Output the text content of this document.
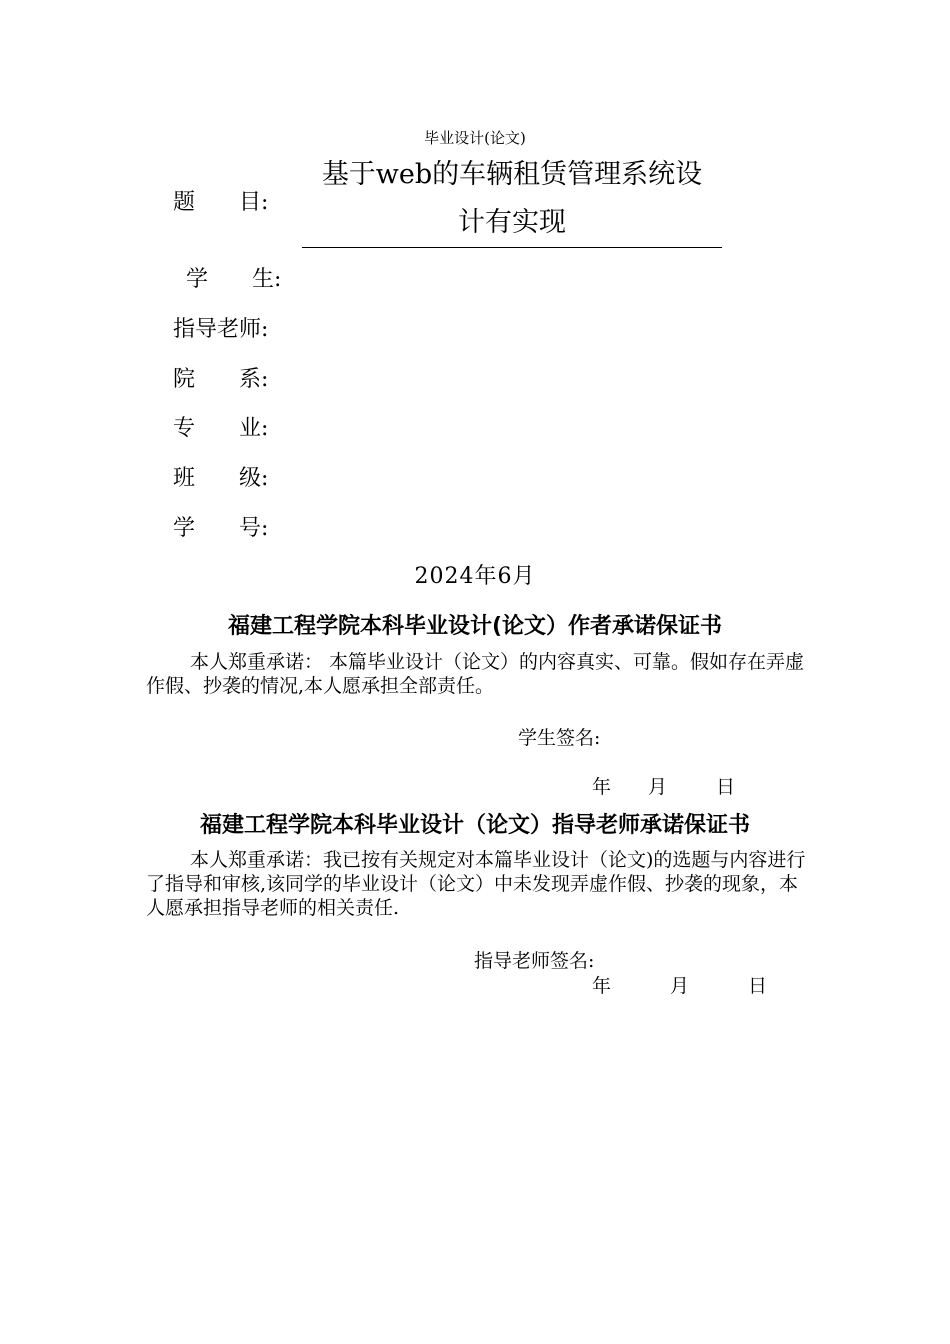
毕业设计(论文)
题　　目:
基于web的车辆租赁管理系统设
计有实现
学　　生:
指导老师:
院　　系:
专　　业:
班　　级:
学　　号:
2024年6月
福建工程学院本科毕业设计(论文）作者承诺保证书
本人郑重承诺： 本篇毕业设计（论文）的内容真实、可靠。假如存在弄虚作假、抄袭的情况,本人愿承担全部责任。
学生签名:
年 月	日
福建工程学院本科毕业设计（论文）指导老师承诺保证书
本人郑重承诺：我已按有关规定对本篇毕业设计（论文)的选题与内容进行了指导和审核,该同学的毕业设计（论文）中未发现弄虚作假、抄袭的现象，本人愿承担指导老师的相关责任.
指导老师签名:
年	月	日
